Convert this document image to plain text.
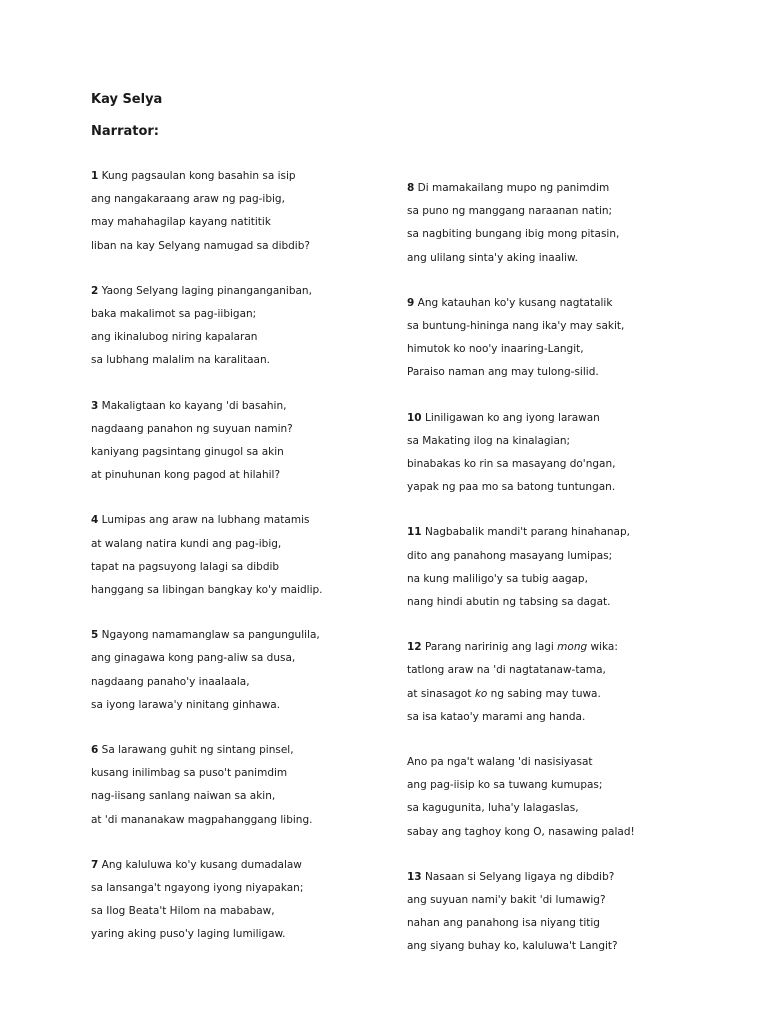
Kay Selya
Narrator:
1 Kung pagsaulan kong basahin sa isip
ang nangakaraang araw ng pag-ibig,
may mahahagilap kayang natititik
liban na kay Selyang namugad sa dibdib?
2 Yaong Selyang laging pinanganganiban,
baka makalimot sa pag-iibigan;
ang ikinalubog niring kapalaran
sa lubhang malalim na karalitaan.
3 Makaligtaan ko kayang 'di basahin,
nagdaang panahon ng suyuan namin?
kaniyang pagsintang ginugol sa akin
at pinuhunan kong pagod at hilahil?
4 Lumipas ang araw na lubhang matamis
at walang natira kundi ang pag-ibig,
tapat na pagsuyong lalagi sa dibdib
hanggang sa libingan bangkay ko'y maidlip.
5 Ngayong namamanglaw sa pangungulila,
ang ginagawa kong pang-aliw sa dusa,
nagdaang panaho'y inaalaala,
sa iyong larawa'y ninitang ginhawa.
6 Sa larawang guhit ng sintang pinsel,
kusang inilimbag sa puso't panimdim
nag-iisang sanlang naiwan sa akin,
at 'di mananakaw magpahanggang libing.
7 Ang kaluluwa ko'y kusang dumadalaw
sa lansanga't ngayong iyong niyapakan;
sa Ilog Beata't Hilom na mababaw,
yaring aking puso'y laging lumiligaw.
8 Di mamakailang mupo ng panimdim
sa puno ng manggang naraanan natin;
sa nagbiting bungang ibig mong pitasin,
ang ulilang sinta'y aking inaaliw.
9 Ang katauhan ko'y kusang nagtatalik
sa buntung-hininga nang ika'y may sakit,
himutok ko noo'y inaaring-Langit,
Paraiso naman ang may tulong-silid.
10 Liniligawan ko ang iyong larawan
sa Makating ilog na kinalagian;
binabakas ko rin sa masayang do'ngan,
yapak ng paa mo sa batong tuntungan.
11 Nagbabalik mandi't parang hinahanap,
dito ang panahong masayang lumipas;
na kung maliligo'y sa tubig aagap,
nang hindi abutin ng tabsing sa dagat.
12 Parang naririnig ang lagi mong wika:
tatlong araw na 'di nagtatanaw-tama,
at sinasagot ko ng sabing may tuwa.
sa isa katao'y marami ang handa.
Ano pa nga't walang 'di nasisiyasat
ang pag-iisip ko sa tuwang kumupas;
sa kagugunita, luha'y lalagaslas,
sabay ang taghoy kong O, nasawing palad!
13 Nasaan si Selyang ligaya ng dibdib?
ang suyuan nami'y bakit 'di lumawig?
nahan ang panahong isa niyang titig
ang siyang buhay ko, kaluluwa't Langit?
